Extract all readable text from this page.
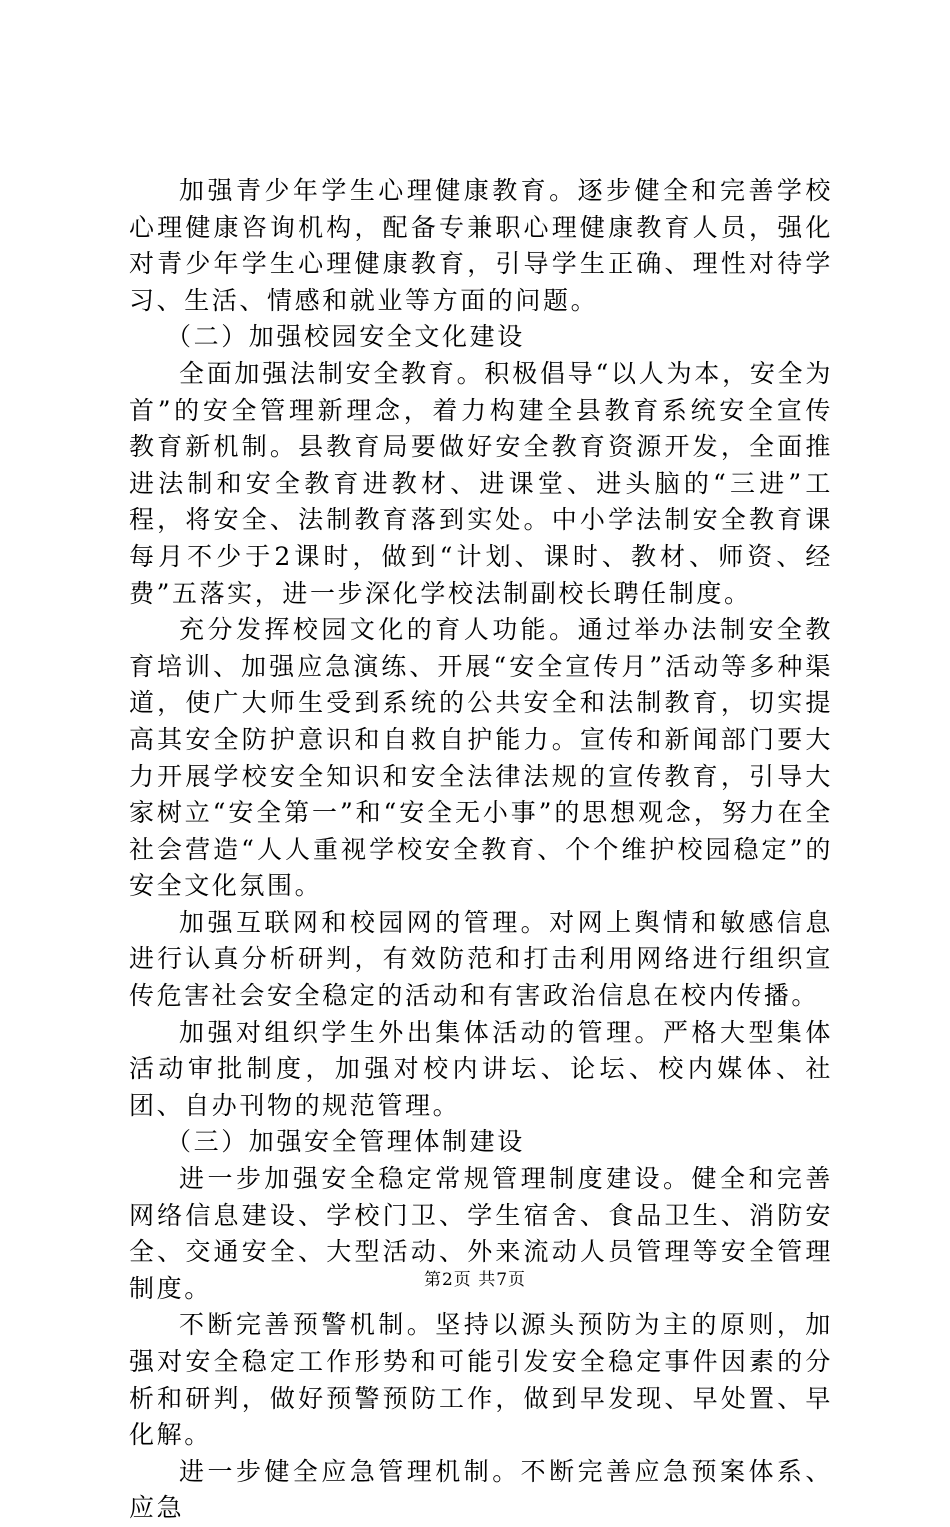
加强青少年学生心理健康教育。逐步健全和完善学校心理健康咨询机构，配备专兼职心理健康教育人员，强化对青少年学生心理健康教育，引导学生正确、理性对待学习、生活、情感和就业等方面的问题。

（二）加强校园安全文化建设

全面加强法制安全教育。积极倡导“以人为本，安全为首”的安全管理新理念，着力构建全县教育系统安全宣传教育新机制。县教育局要做好安全教育资源开发，全面推进法制和安全教育进教材、进课堂、进头脑的“三进”工程，将安全、法制教育落到实处。中小学法制安全教育课每月不少于2课时，做到“计划、课时、教材、师资、经费”五落实，进一步深化学校法制副校长聘任制度。

充分发挥校园文化的育人功能。通过举办法制安全教育培训、加强应急演练、开展“安全宣传月”活动等多种渠道，使广大师生受到系统的公共安全和法制教育，切实提高其安全防护意识和自救自护能力。宣传和新闻部门要大力开展学校安全知识和安全法律法规的宣传教育，引导大家树立“安全第一”和“安全无小事”的思想观念，努力在全社会营造“人人重视学校安全教育、个个维护校园稳定”的安全文化氛围。

加强互联网和校园网的管理。对网上舆情和敏感信息进行认真分析研判，有效防范和打击利用网络进行组织宣传危害社会安全稳定的活动和有害政治信息在校内传播。

加强对组织学生外出集体活动的管理。严格大型集体活动审批制度，加强对校内讲坛、论坛、校内媒体、社团、自办刊物的规范管理。

（三）加强安全管理体制建设

进一步加强安全稳定常规管理制度建设。健全和完善网络信息建设、学校门卫、学生宿舍、食品卫生、消防安全、交通安全、大型活动、外来流动人员管理等安全管理制度。

不断完善预警机制。坚持以源头预防为主的原则，加强对安全稳定工作形势和可能引发安全稳定事件因素的分析和研判，做好预警预防工作，做到早发现、早处置、早化解。

进一步健全应急管理机制。不断完善应急预案体系、应急

第2页 共7页
